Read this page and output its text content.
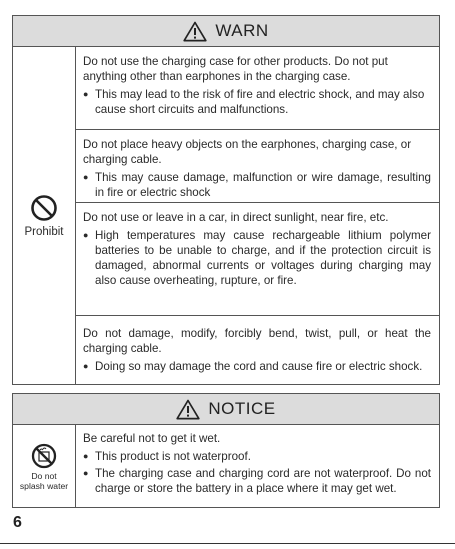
WARN
Prohibit

Do not use the charging case for other products. Do not put anything other than earphones in the charging case.

● This may lead to the risk of fire and electric shock, and may also cause short circuits and malfunctions.

Do not place heavy objects on the earphones, charging case, or charging cable.

● This may cause damage, malfunction or wire damage, resulting in fire or electric shock

Do not use or leave in a car, in direct sunlight, near fire, etc.

● High temperatures may cause rechargeable lithium polymer batteries to be unable to charge, and if the protection circuit is damaged, abnormal currents or voltages during charging may also cause overheating, rupture, or fire.

Do not damage, modify, forcibly bend, twist, pull, or heat the charging cable.

● Doing so may damage the cord and cause fire or electric shock.
NOTICE
Do not
splash water

Be careful not to get it wet.

● This product is not waterproof.
● The charging case and charging cord are not waterproof. Do not charge or store the battery in a place where it may get wet.
6
